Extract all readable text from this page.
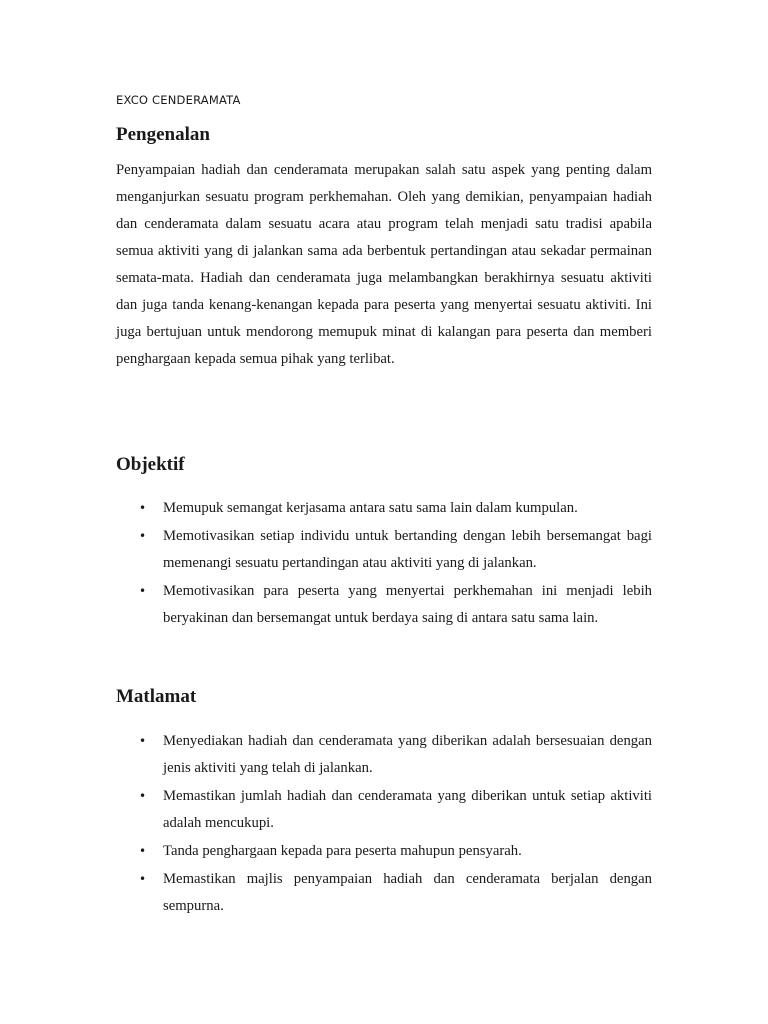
EXCO CENDERAMATA
Pengenalan

Penyampaian hadiah dan cenderamata merupakan salah satu aspek yang penting dalam menganjurkan sesuatu program perkhemahan. Oleh yang demikian, penyampaian hadiah dan cenderamata dalam sesuatu acara atau program telah menjadi satu tradisi apabila semua aktiviti yang di jalankan sama ada berbentuk pertandingan atau sekadar permainan semata-mata. Hadiah dan cenderamata juga melambangkan berakhirnya sesuatu aktiviti dan juga tanda kenang-kenangan kepada para peserta yang menyertai sesuatu aktiviti. Ini juga bertujuan untuk mendorong memupuk minat di kalangan para peserta dan memberi penghargaan kepada semua pihak yang terlibat.

Objektif
• Memupuk semangat kerjasama antara satu sama lain dalam kumpulan.
• Memotivasikan setiap individu untuk bertanding dengan lebih bersemangat bagi memenangi sesuatu pertandingan atau aktiviti yang di jalankan.
• Memotivasikan para peserta yang menyertai perkhemahan ini menjadi lebih beryakinan dan bersemangat untuk berdaya saing di antara satu sama lain.
Matlamat
• Menyediakan hadiah dan cenderamata yang diberikan adalah bersesuaian dengan jenis aktiviti yang telah di jalankan.
• Memastikan jumlah hadiah dan cenderamata yang diberikan untuk setiap aktiviti adalah mencukupi.
• Tanda penghargaan kepada para peserta mahupun pensyarah.
• Memastikan majlis penyampaian hadiah dan cenderamata berjalan dengan sempurna.
